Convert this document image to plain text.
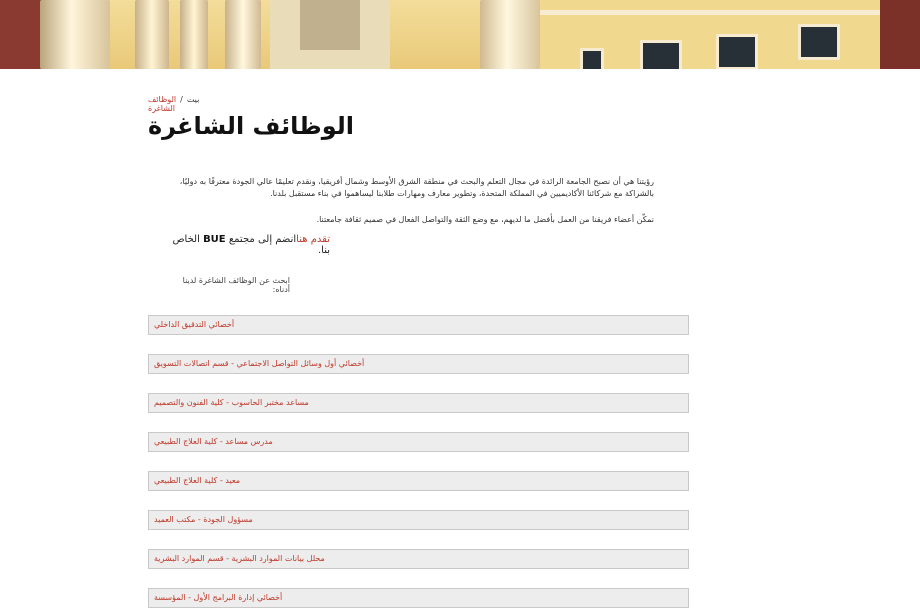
بيت/الوظائف الشاغرة
الوظائف الشاغرة

رؤيتنا هي أن نصبح الجامعة الرائدة في مجال التعلم والبحث في منطقة الشرق الأوسط وشمال أفريقيا، ونقدم تعليمًا عالي الجودة معترفًا به دوليًا، بالشراكة مع شركائنا الأكاديميين في المملكة المتحدة، وتطوير معارف ومهارات طلابنا ليساهموا في بناء مستقبل بلدنا.

نمكّن أعضاء فريقنا من العمل بأفضل ما لديهم، مع وضع الثقة والتواصل الفعال في صميم ثقافة جامعتنا.

تقدم هناانضم إلى مجتمع BUE الخاص بنا.
ابحث عن الوظائف الشاغرة لدينا أدناه:
أخصائي التدقيق الداخلي
أخصائي أول وسائل التواصل الاجتماعي - قسم اتصالات التسويق
مساعد مختبر الحاسوب - كلية الفنون والتصميم
مدرس مساعد - كلية العلاج الطبيعي
معيد - كلية العلاج الطبيعي
مسؤول الجودة - مكتب العميد
محلل بيانات الموارد البشرية - قسم الموارد البشرية
أخصائي إدارة البرامج الأول - المؤسسة
